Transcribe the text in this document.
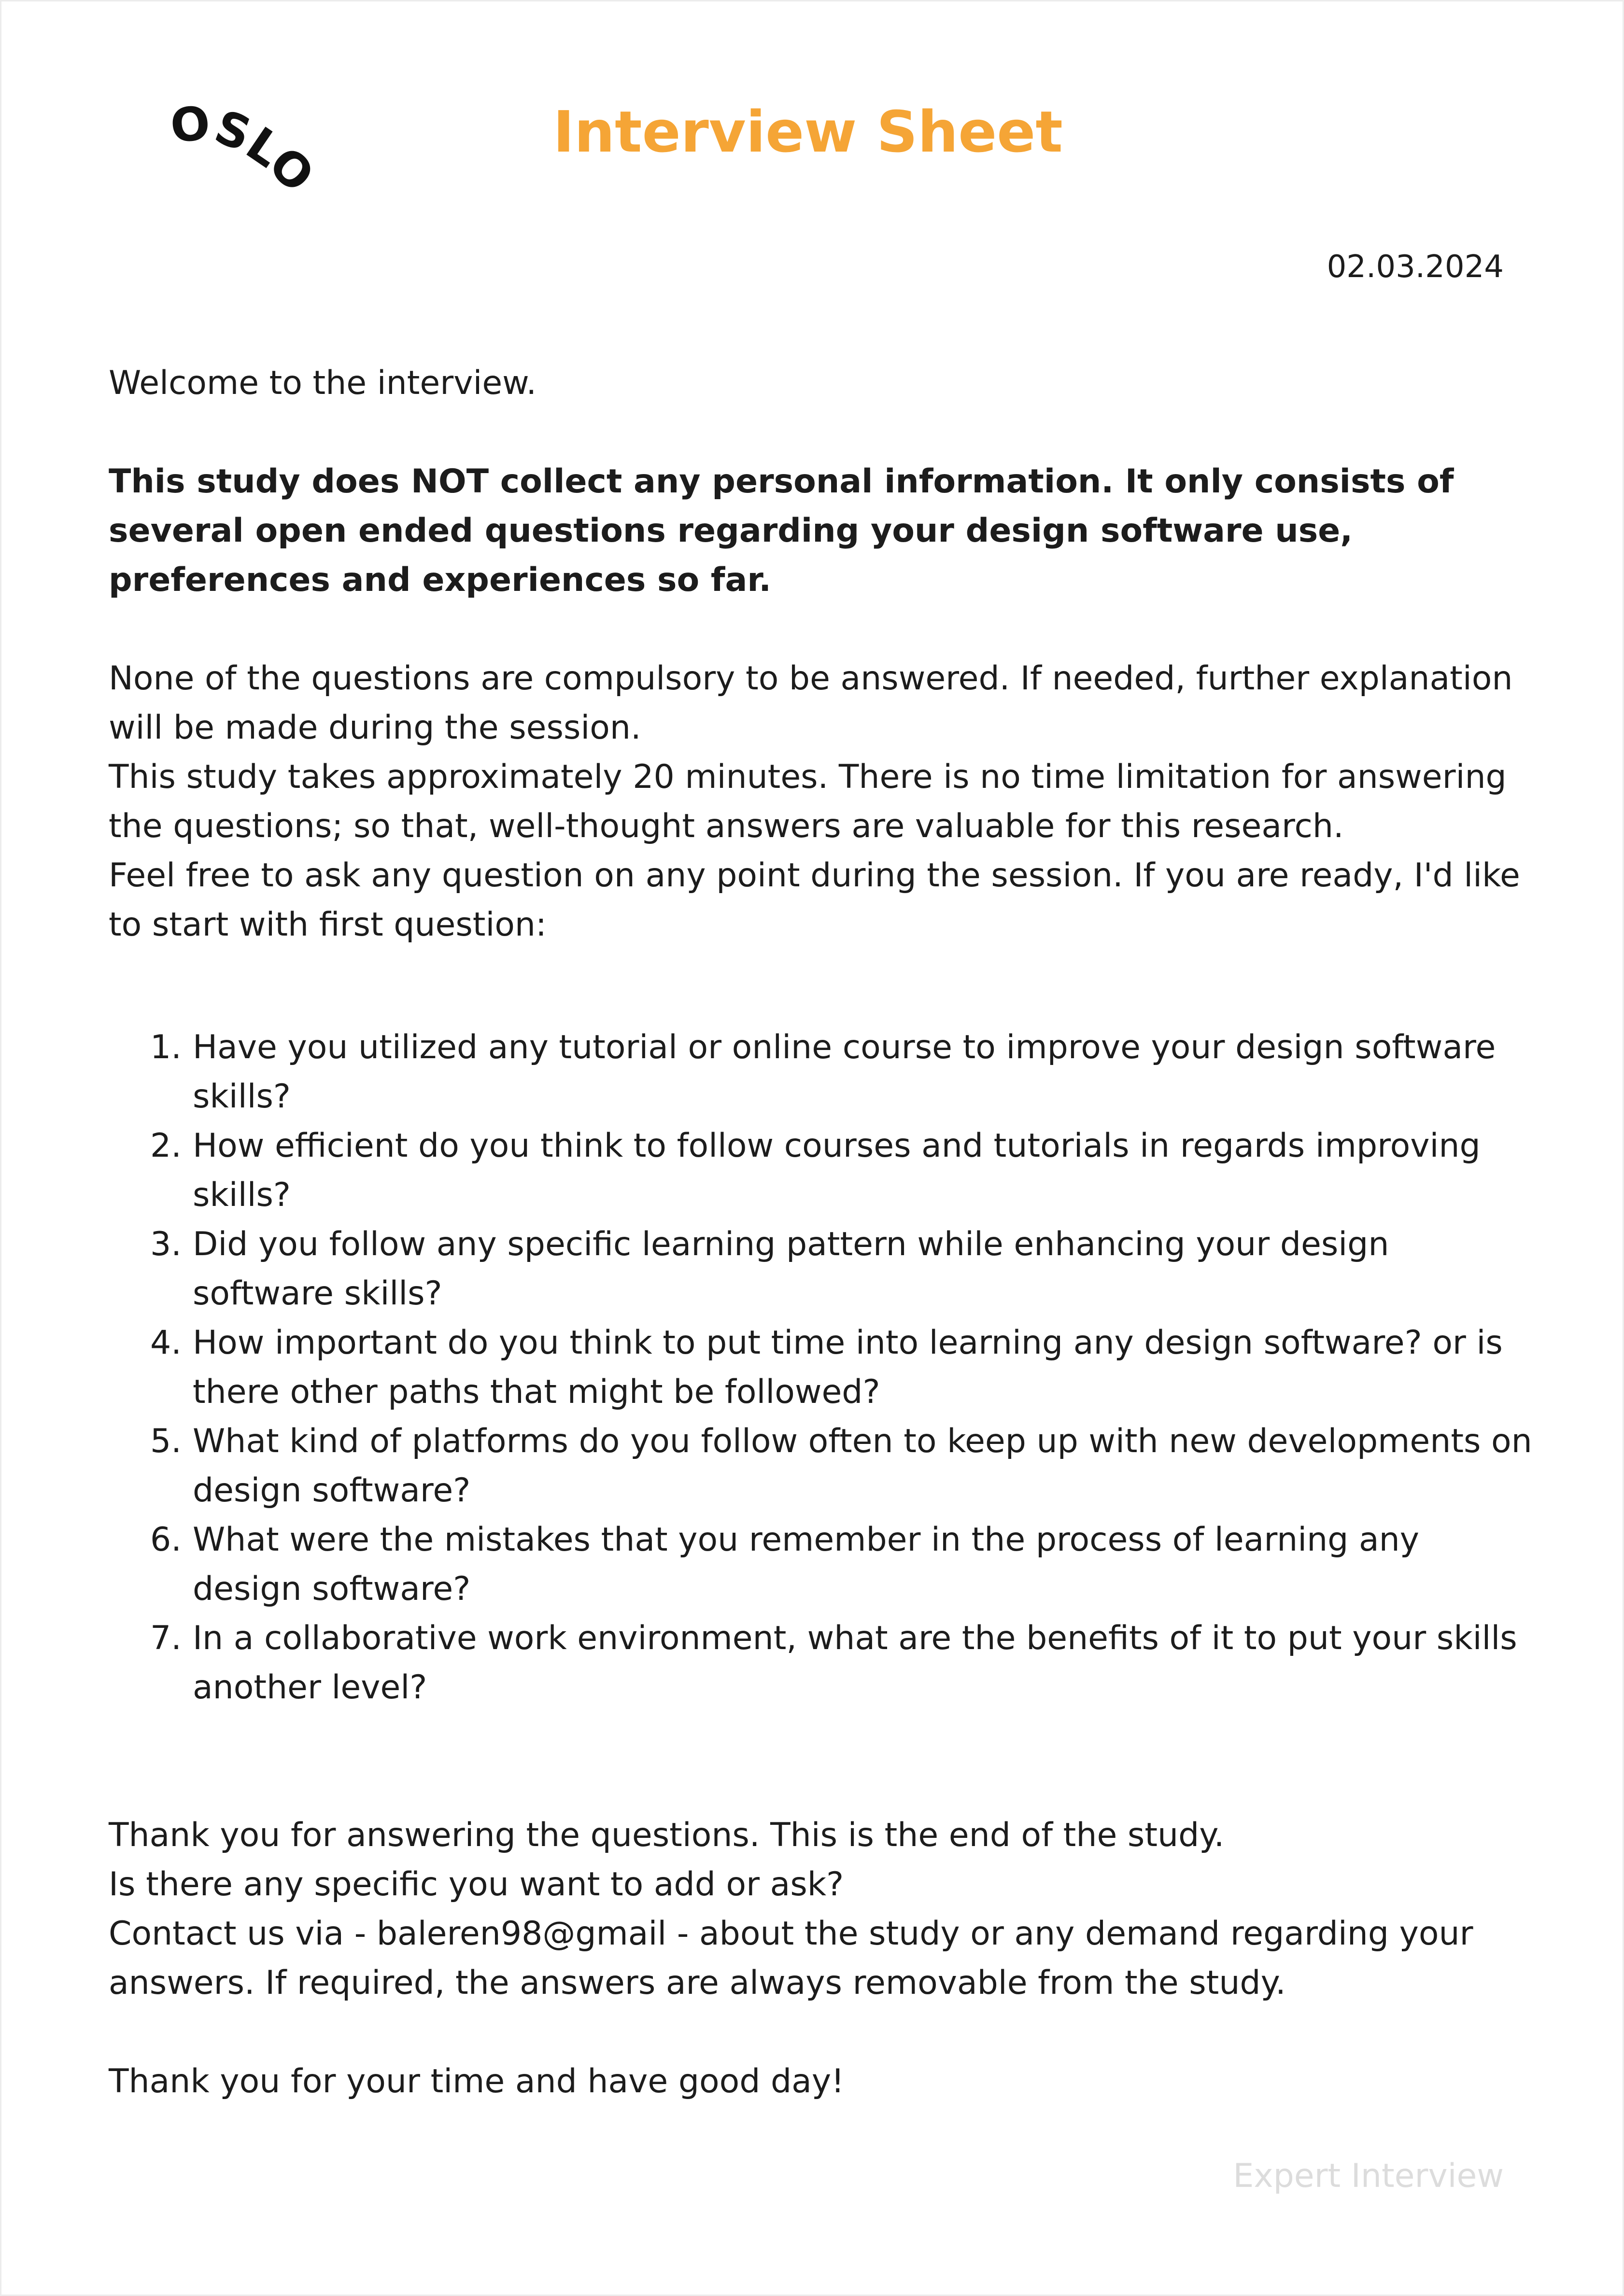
OSLOMET
Interview Sheet

02.03.2024

Welcome to the interview.

This study does NOT collect any personal information. It only consists of several open ended questions regarding your design software use, preferences and experiences so far.

None of the questions are compulsory to be answered. If needed, further explanation will be made during the session.

This study takes approximately 20 minutes. There is no time limitation for answering the questions; so that, well-thought answers are valuable for this research.

Feel free to ask any question on any point during the session. If you are ready, I'd like to start with first question:

1. Have you utilized any tutorial or online course to improve your design software skills?
2. How efficient do you think to follow courses and tutorials in regards improving skills?
3. Did you follow any specific learning pattern while enhancing your design software skills?
4. How important do you think to put time into learning any design software? or is there other paths that might be followed?
5. What kind of platforms do you follow often to keep up with new developments on design software?
6. What were the mistakes that you remember in the process of learning any design software?
7. In a collaborative work environment, what are the benefits of it to put your skills another level?

Thank you for answering the questions. This is the end of the study.

Is there any specific you want to add or ask?

Contact us via - baleren98@gmail - about the study or any demand regarding your answers. If required, the answers are always removable from the study.

Thank you for your time and have good day!

Expert Interview
